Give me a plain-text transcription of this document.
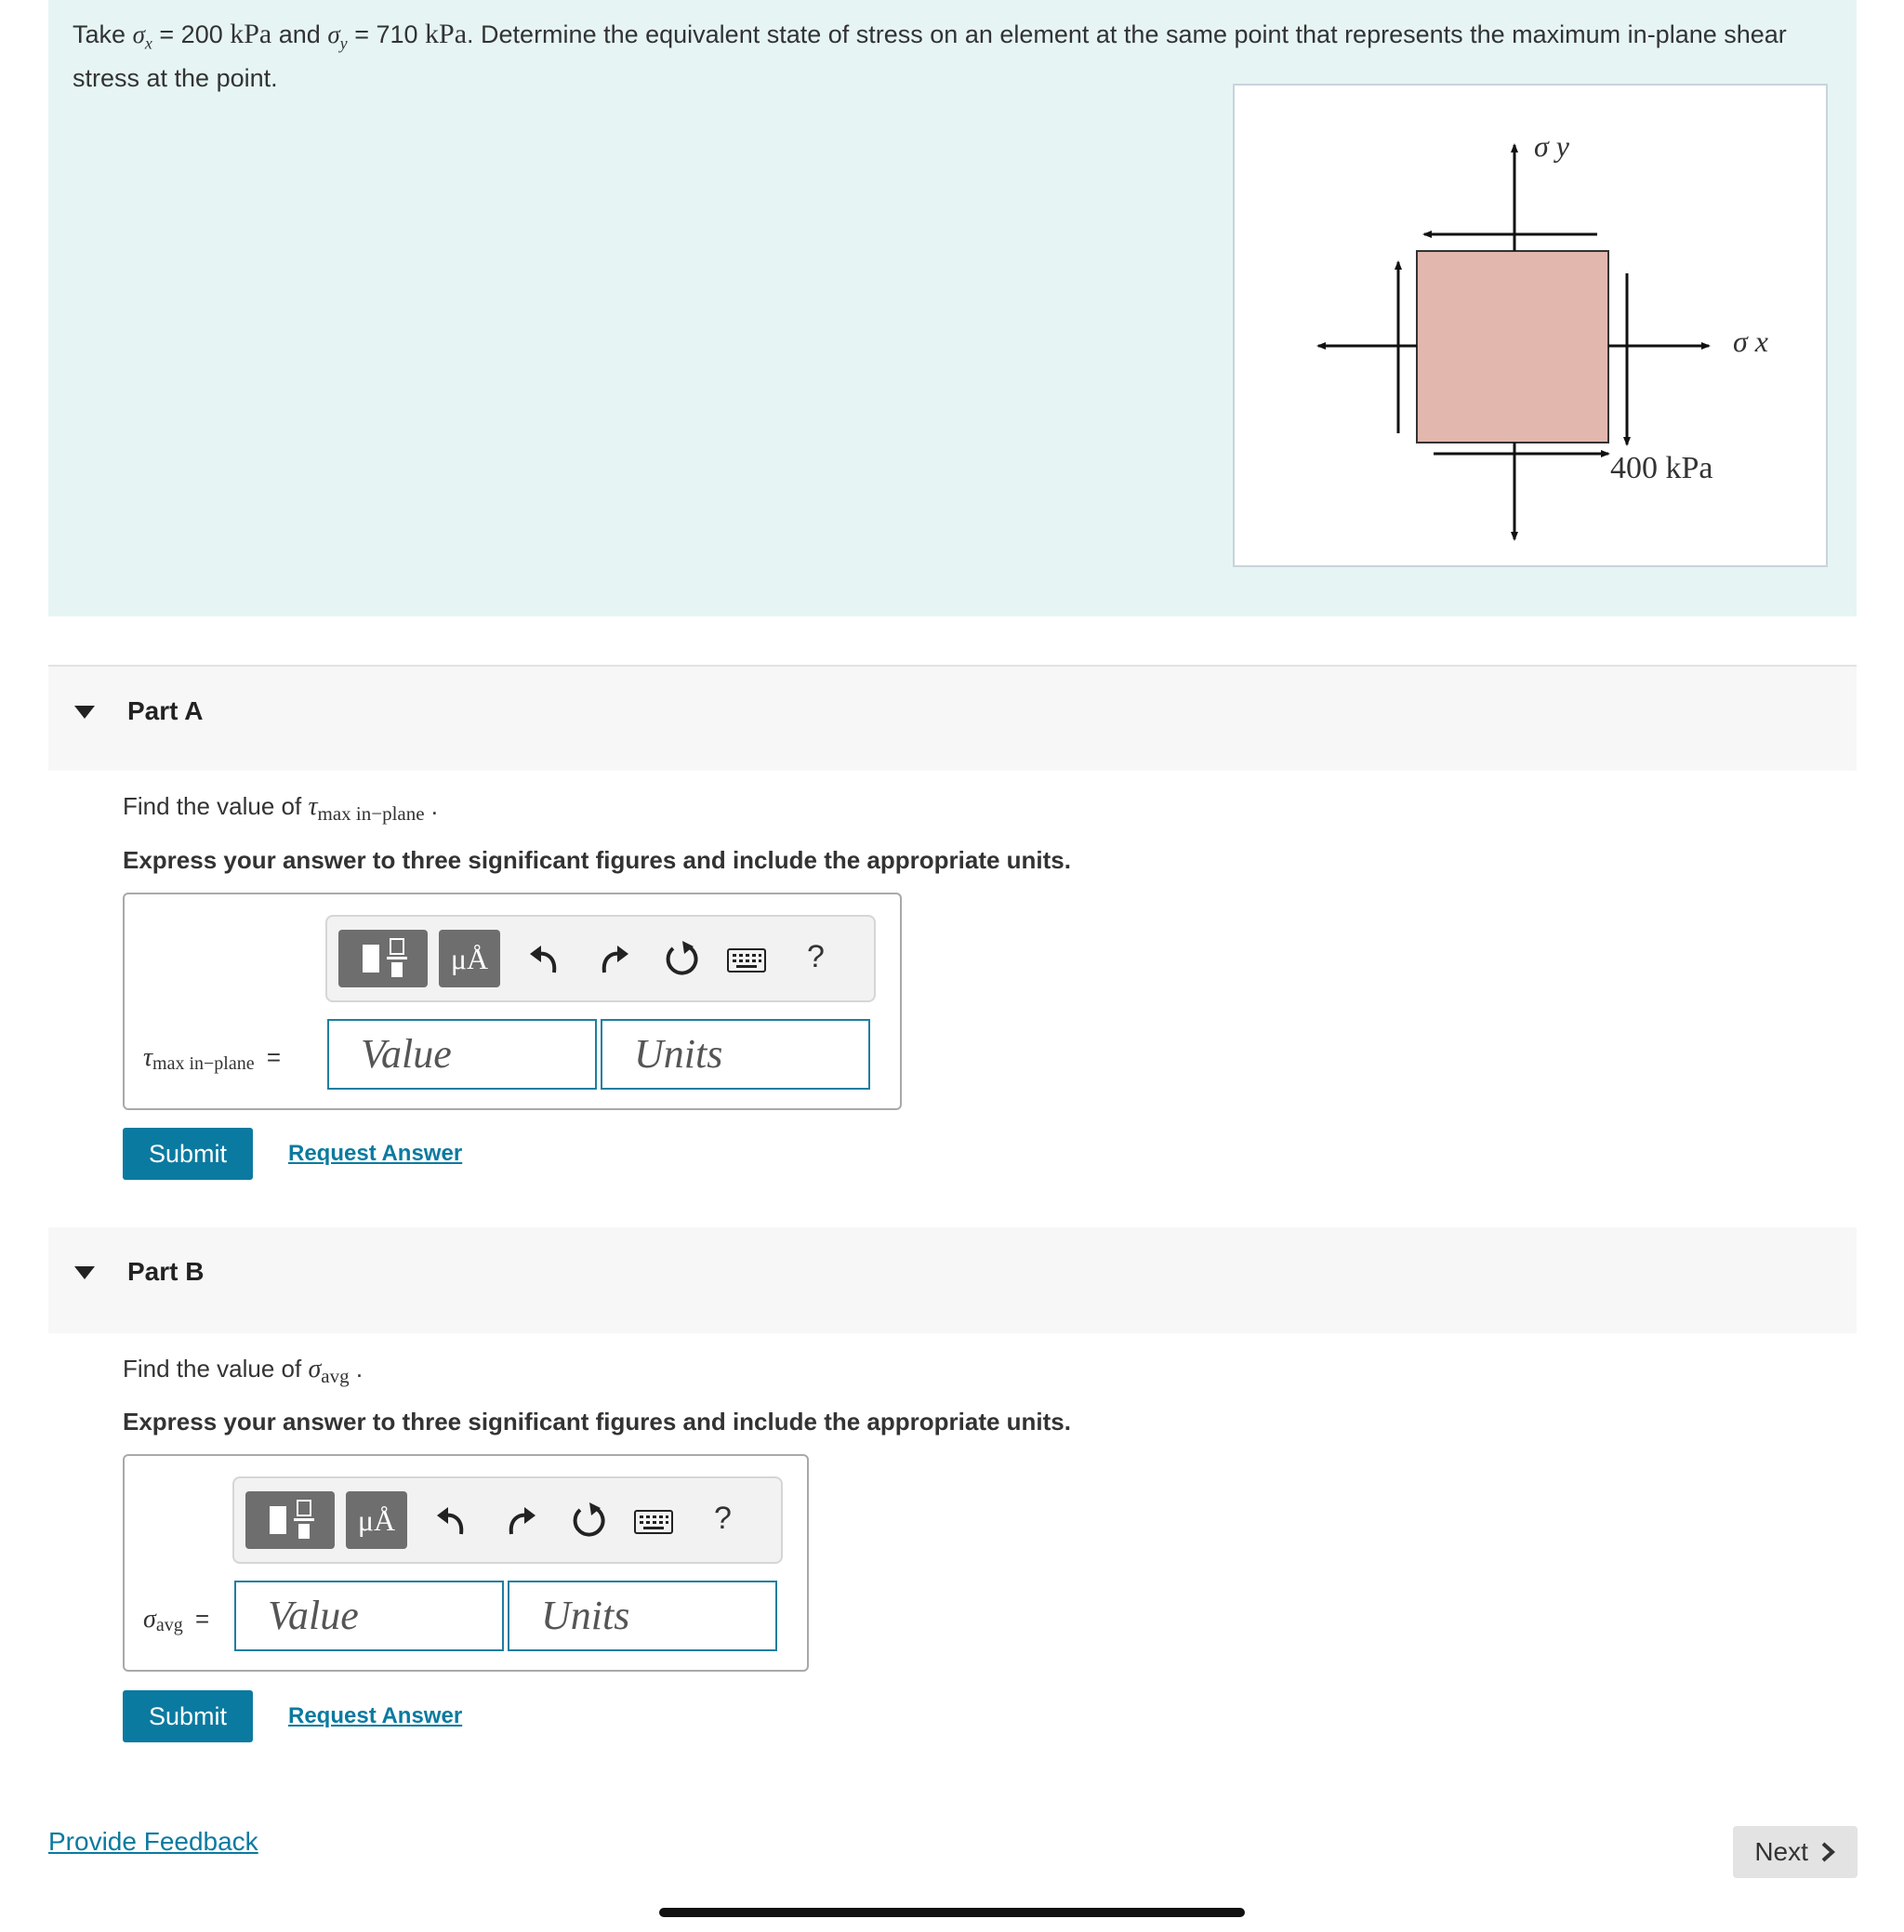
Take $\sigma_x = 200$ kPa and $\sigma_y = 710$ kPa. Determine the equivalent state of stress on an element at the same point that represents the maximum in-plane shear stress at the point.
σ y
σ x
400 kPa
Part A
Find the value of $\tau_{max in-plane}$ .
Express your answer to three significant figures and include the appropriate units.
μÅ	?
τmax in−plane =	Value	Units
Submit	Request Answer
Part B
Find the value of $\sigma_{avg}$ .
Express your answer to three significant figures and include the appropriate units.
μÅ	?
σavg =	Value	Units
Submit	Request Answer
Provide Feedback	Next
